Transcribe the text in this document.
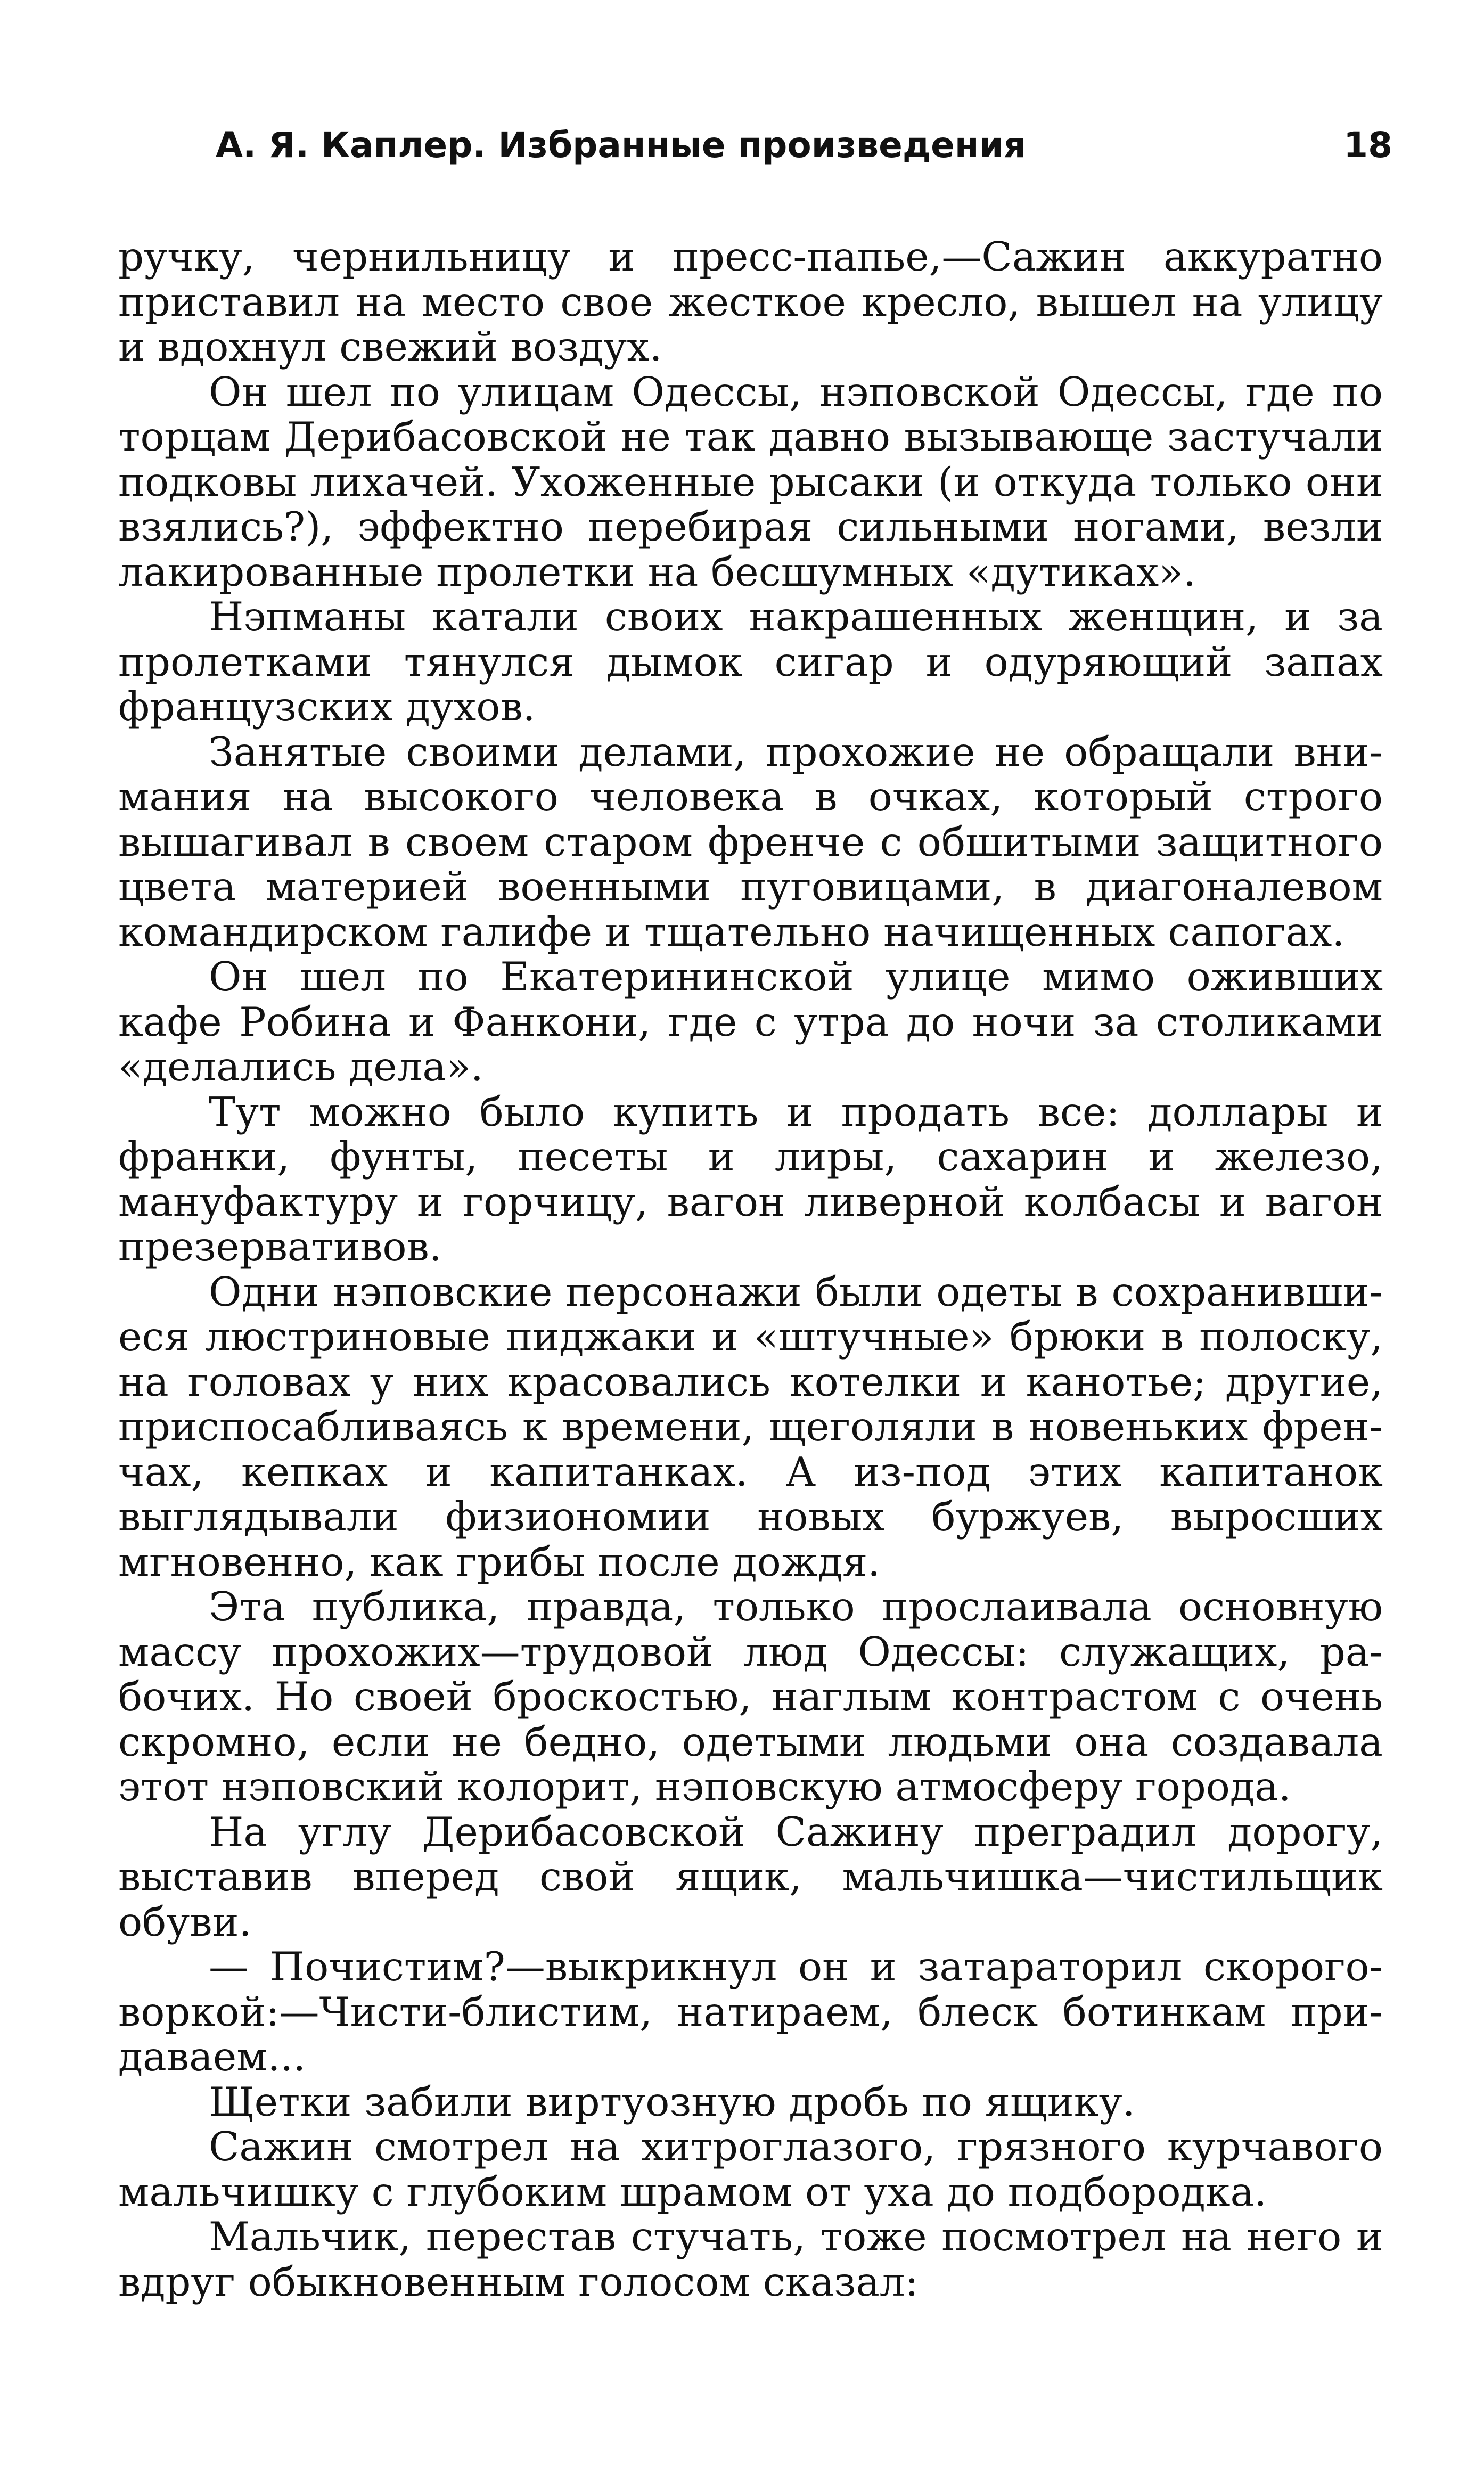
А. Я. Каплер. Избранные произведения	18

ручку, чернильницу и пресс-папье,—Сажин аккуратно приставил на место свое жесткое кресло, вышел на улицу и вдохнул свежий воздух.

Он шел по улицам Одессы, нэповской Одессы, где по торцам Дерибасовской не так давно вызывающе застучали подковы лихачей. Ухоженные рысаки (и откуда только они взялись?), эффектно перебирая сильными ногами, везли лакированные пролетки на бесшумных «дутиках».

Нэпманы катали своих накрашенных женщин, и за пролетками тянулся дымок сигар и одуряющий запах французских духов.

Занятые своими делами, прохожие не обращали внимания на высокого человека в очках, который строго вышагивал в своем старом френче с обшитыми защитного цвета материей военными пуговицами, в диагоналевом командирском галифе и тщательно начищенных сапогах.

Он шел по Екатерининской улице мимо оживших кафе Робина и Фанкони, где с утра до ночи за столиками «делались дела».

Тут можно было купить и продать все: доллары и франки, фунты, песеты и лиры, сахарин и железо, мануфактуру и горчицу, вагон ливерной колбасы и вагон презервативов.

Одни нэповские персонажи были одеты в сохранившиеся люстриновые пиджаки и «штучные» брюки в полоску, на головах у них красовались котелки и канотье; другие, приспосабливаясь к времени, щеголяли в новеньких френчах, кепках и капитанках. А из-под этих капитанок выглядывали физиономии новых буржуев, выросших мгновенно, как грибы после дождя.

Эта публика, правда, только прослаивала основную массу прохожих—трудовой люд Одессы: служащих, рабочих. Но своей броскостью, наглым контрастом с очень скромно, если не бедно, одетыми людьми она создавала этот нэповский колорит, нэповскую атмосферу города.

На углу Дерибасовской Сажину преградил дорогу, выставив вперед свой ящик, мальчишка—чистильщик обуви.

— Почистим?—выкрикнул он и затараторил скороговоркой:—Чисти-блистим, натираем, блеск ботинкам придаваем...

Щетки забили виртуозную дробь по ящику.

Сажин смотрел на хитроглазого, грязного курчавого мальчишку с глубоким шрамом от уха до подбородка.

Мальчик, перестав стучать, тоже посмотрел на него и вдруг обыкновенным голосом сказал:
